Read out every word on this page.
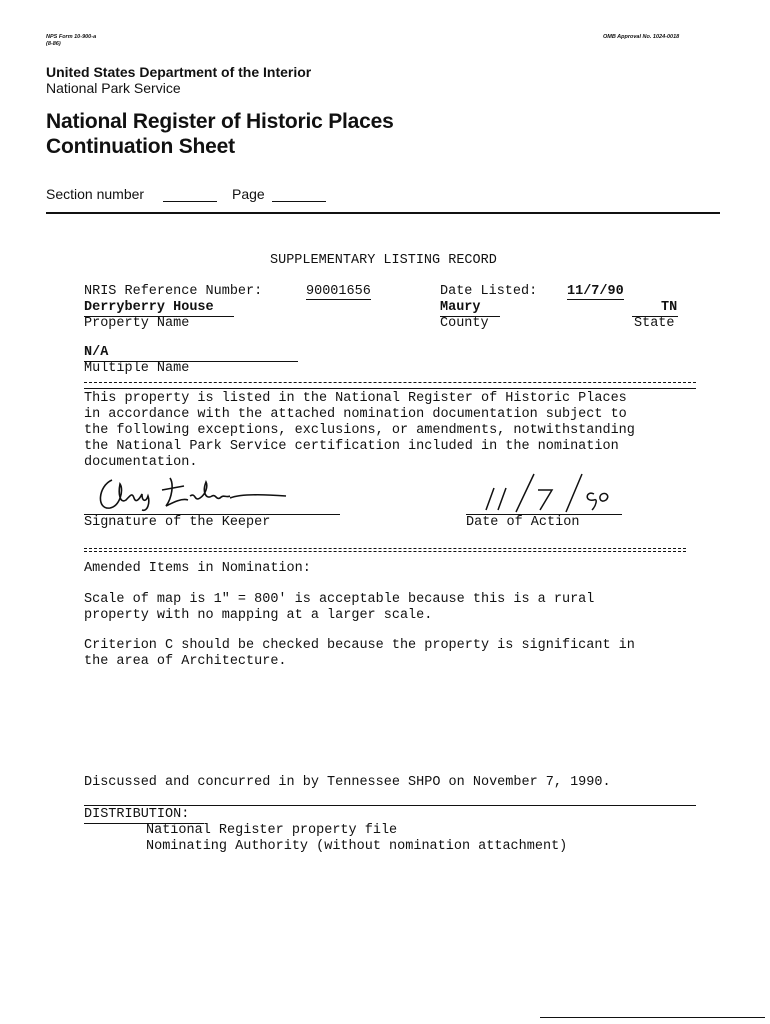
NPS Form 10-900-a
(8-86)
OMB Approval No. 1024-0018
United States Department of the Interior
National Park Service
National Register of Historic Places
Continuation Sheet
Section number	Page
SUPPLEMENTARY LISTING RECORD
NRIS Reference Number:	90001656	Date Listed: 11/7/90
Derryberry House
Property Name
Maury
County
TN
State
N/A
Multiple Name
This property is listed in the National Register of Historic Places
in accordance with the attached nomination documentation subject to
the following exceptions, exclusions, or amendments, notwithstanding
the National Park Service certification included in the nomination
documentation.
Signature of the Keeper	Date of Action
Amended Items in Nomination:
Scale of map is 1" = 800' is acceptable because this is a rural
property with no mapping at a larger scale.
Criterion C should be checked because the property is significant in
the area of Architecture.
Discussed and concurred in by Tennessee SHPO on November 7, 1990.
DISTRIBUTION:
National Register property file
Nominating Authority (without nomination attachment)
